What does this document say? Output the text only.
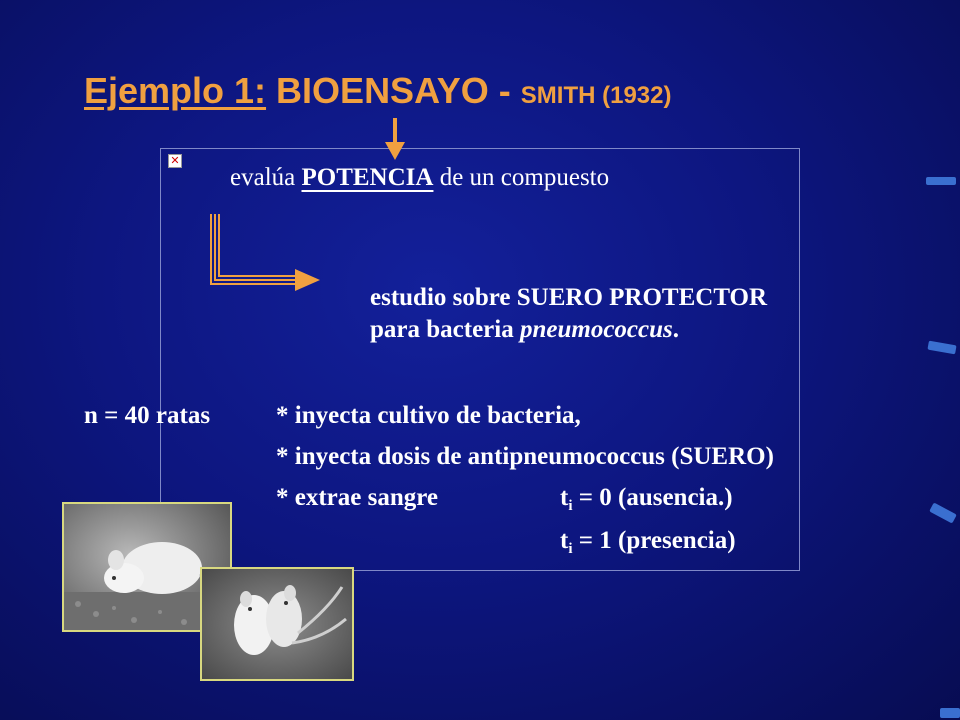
Ejemplo 1: BIOENSAYO - SMITH (1932)
✕
evalúa POTENCIA de un compuesto
estudio sobre SUERO PROTECTOR
para bacteria pneumococcus.
n = 40 ratas	* inyecta cultivo de bacteria,
* inyecta dosis de antipneumococcus (SUERO)
* extrae sangre	$t_i = 0$ (ausencia.)
$t_i = 1$ (presencia)
